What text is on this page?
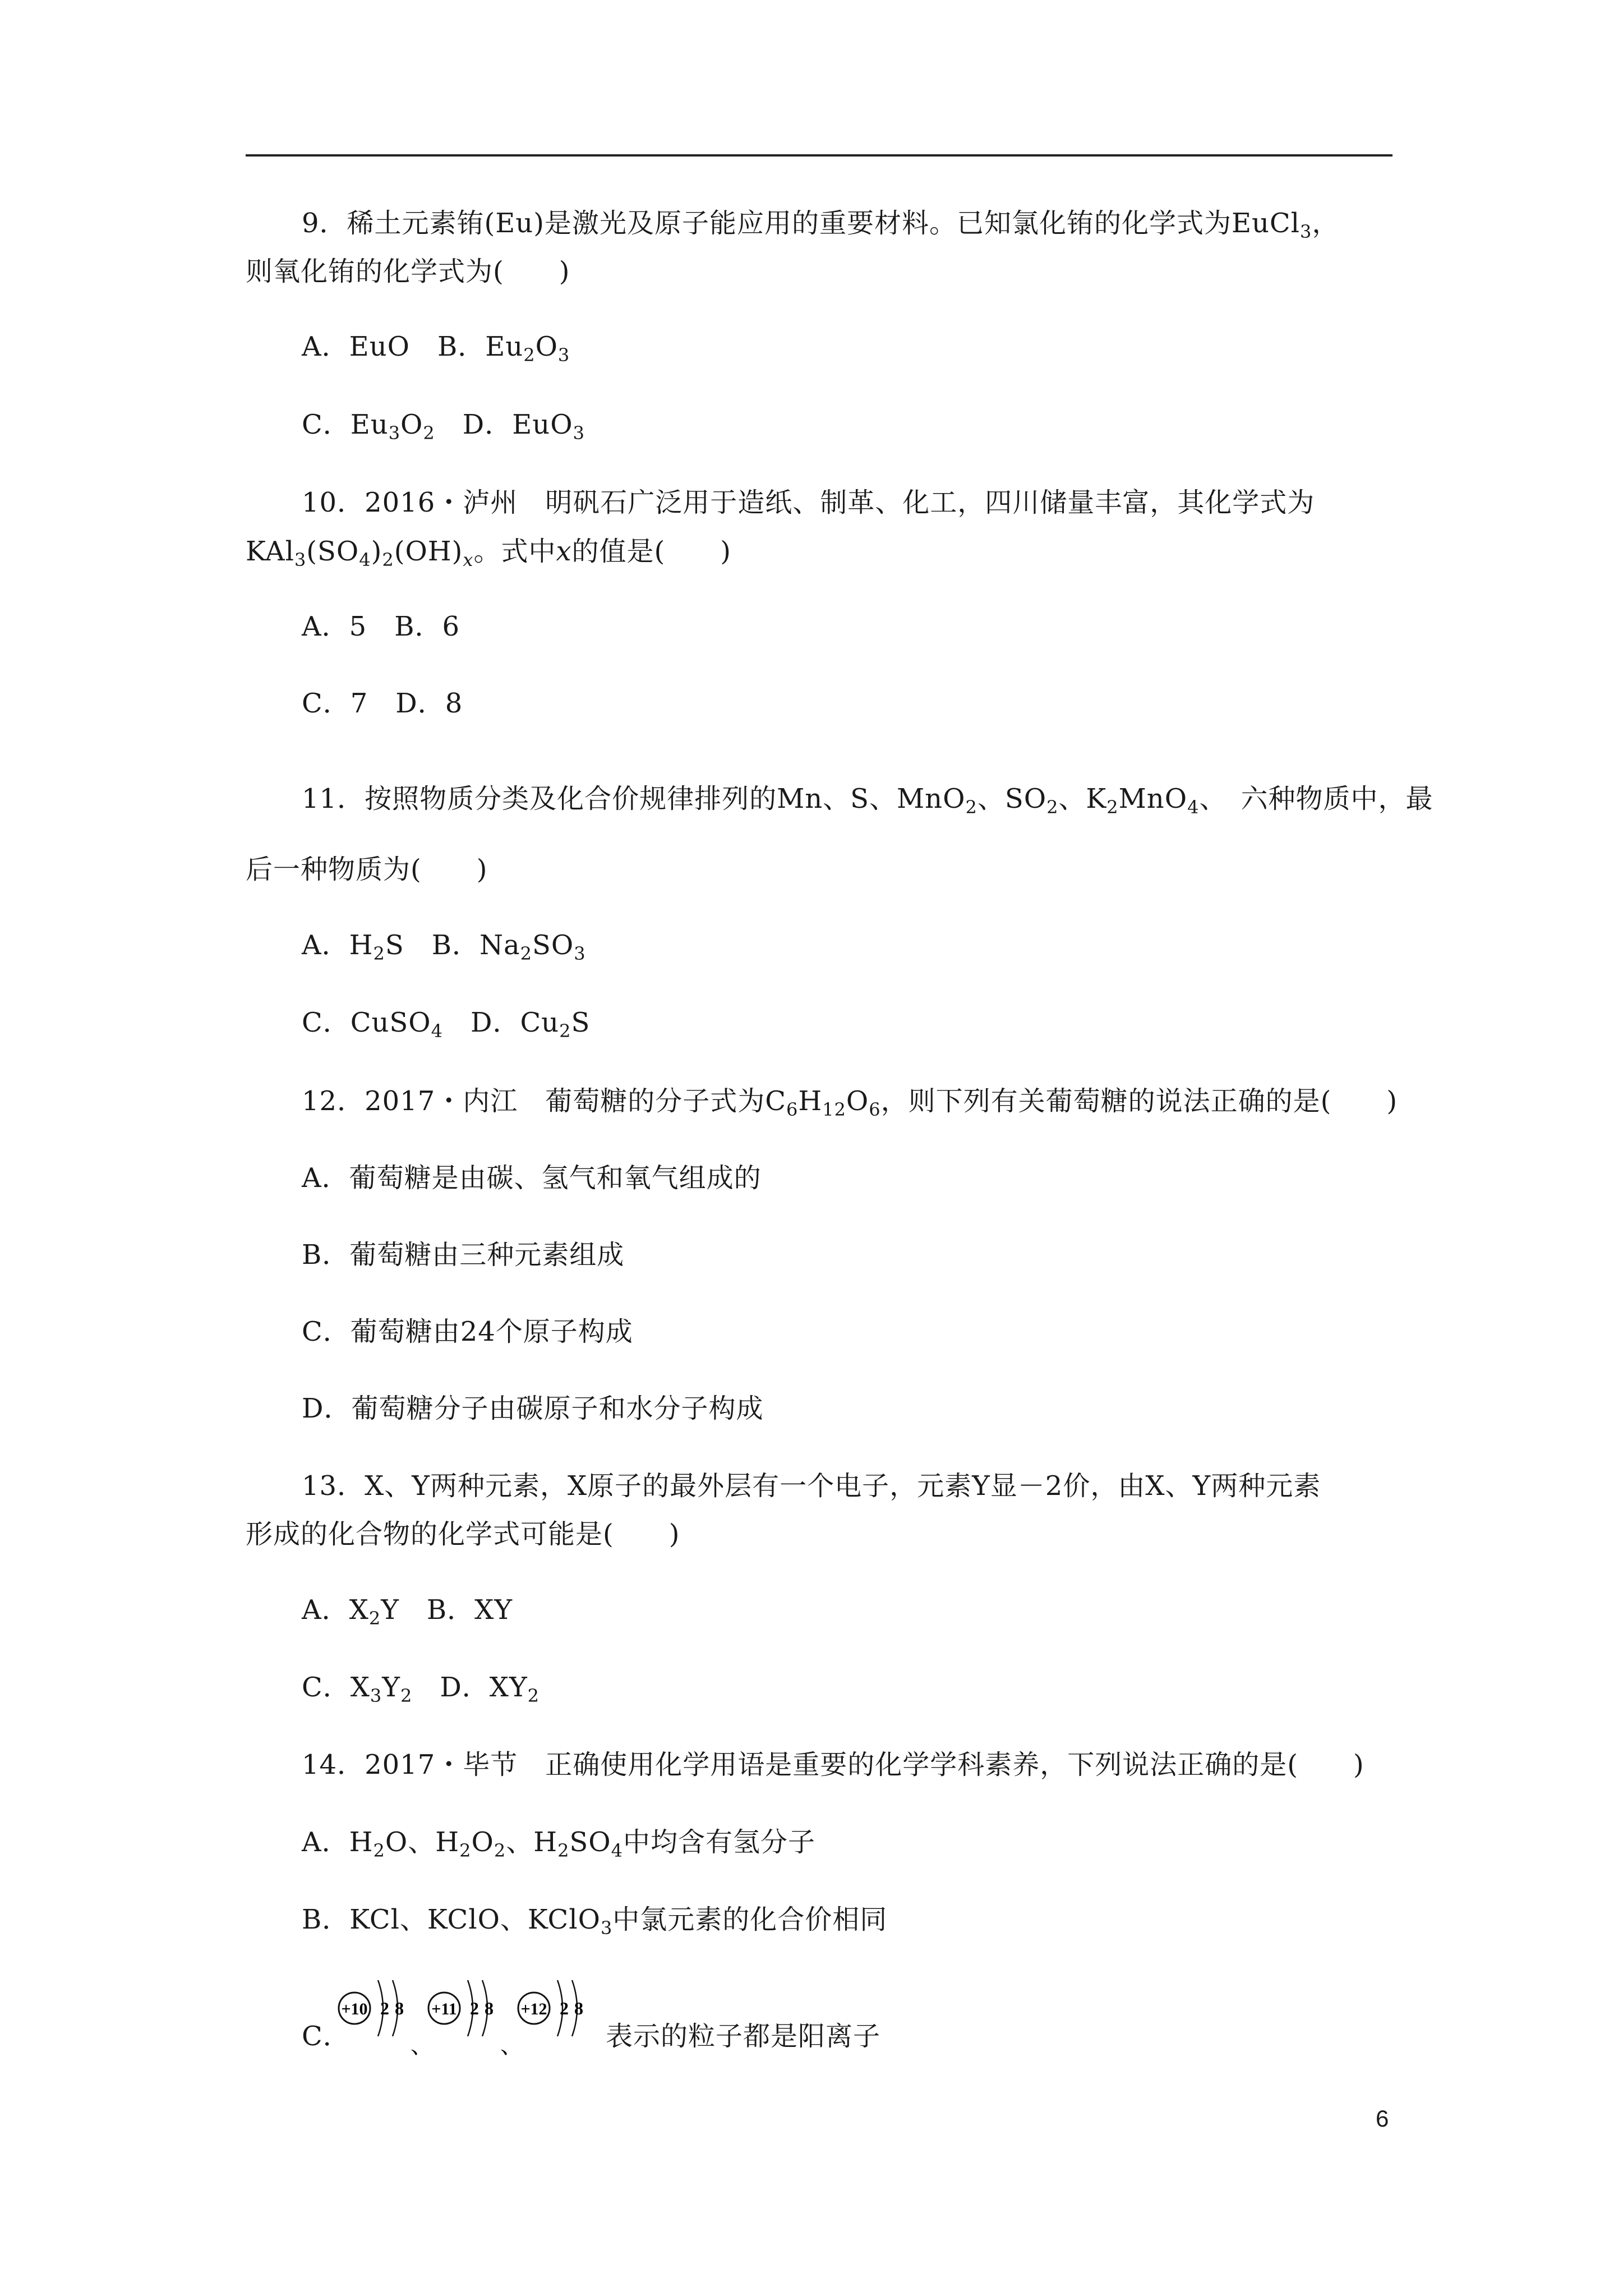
9．稀土元素铕(Eu)是激光及原子能应用的重要材料。已知氯化铕的化学式为EuCl$_3$，
则氧化铕的化学式为(　　)
A．EuO　B．$Eu_2O_3$
C．$Eu_3O_2$　D．EuO$_3$
10．2016・泸州　明矾石广泛用于造纸、制革、化工，四川储量丰富，其化学式为
$KAl_3(SO_4)_2(OH)_x$。式中x的值是(　　)
A．5　B．6
C．7　D．8
11．按照物质分类及化合价规律排列的Mn、S、MnO$_2$、$SO_2$、$K_2MnO_4$、　六种物质中，最
后一种物质为(　　)
A．$H_2S$　B．$Na_2SO_3$
C．CuSO$_4$　D．$Cu_2S$
12．2017・内江　葡萄糖的分子式为$C_6H_{12}O_6$，则下列有关葡萄糖的说法正确的是(　　)
A．葡萄糖是由碳、氢气和氧气组成的
B．葡萄糖由三种元素组成
C．葡萄糖由24个原子构成
D．葡萄糖分子由碳原子和水分子构成
13．X、Y两种元素，X原子的最外层有一个电子，元素Y显－2价，由X、Y两种元素
形成的化合物的化学式可能是(　　)
A．$X_2Y$　B．XY
C．$X_3Y_2$　D．$XY_2$
14．2017・毕节　正确使用化学用语是重要的化学学科素养，下列说法正确的是(　　)
A．$H_2O$、$H_2O_2$、$H_2SO_4$中均含有氢分子
B．KCl、KClO、KClO$_3$中氯元素的化合价相同
C．	表示的粒子都是阳离子
+10 2 8
、
+11 2 8
、
+12 2 8
6
